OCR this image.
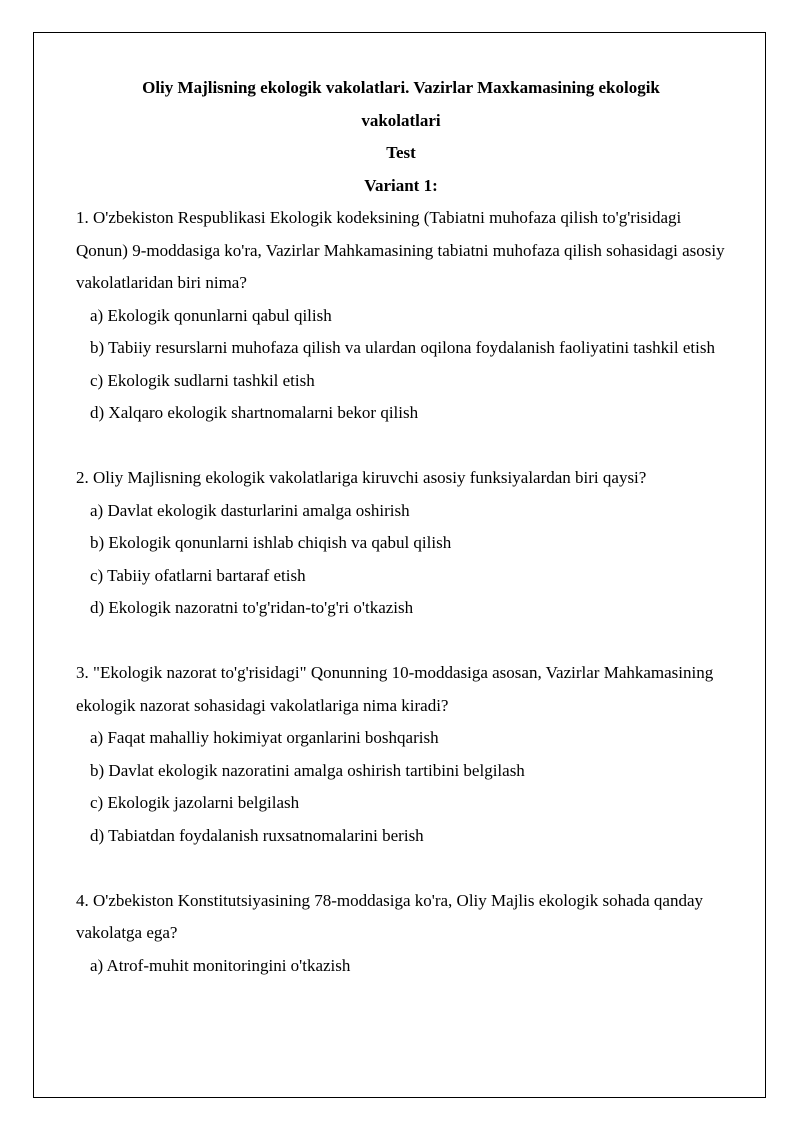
Oliy Majlisning ekologik vakolatlari. Vazirlar Maxkamasining ekologik
vakolatlari
Test
Variant 1:

1. O'zbekiston Respublikasi Ekologik kodeksining (Tabiatni muhofaza qilish to'g'risidagi Qonun) 9-moddasiga ko'ra, Vazirlar Mahkamasining tabiatni muhofaza qilish sohasidagi asosiy vakolatlaridan biri nima?

a) Ekologik qonunlarni qabul qilish

b) Tabiiy resurslarni muhofaza qilish va ulardan oqilona foydalanish faoliyatini tashkil etish

c) Ekologik sudlarni tashkil etish

d) Xalqaro ekologik shartnomalarni bekor qilish

2. Oliy Majlisning ekologik vakolatlariga kiruvchi asosiy funksiyalardan biri qaysi?

a) Davlat ekologik dasturlarini amalga oshirish

b) Ekologik qonunlarni ishlab chiqish va qabul qilish

c) Tabiiy ofatlarni bartaraf etish

d) Ekologik nazoratni to'g'ridan-to'g'ri o'tkazish

3. "Ekologik nazorat to'g'risidagi" Qonunning 10-moddasiga asosan, Vazirlar Mahkamasining ekologik nazorat sohasidagi vakolatlariga nima kiradi?

a) Faqat mahalliy hokimiyat organlarini boshqarish

b) Davlat ekologik nazoratini amalga oshirish tartibini belgilash

c) Ekologik jazolarni belgilash

d) Tabiatdan foydalanish ruxsatnomalarini berish

4. O'zbekiston Konstitutsiyasining 78-moddasiga ko'ra, Oliy Majlis ekologik sohada qanday vakolatga ega?

a) Atrof-muhit monitoringini o'tkazish
